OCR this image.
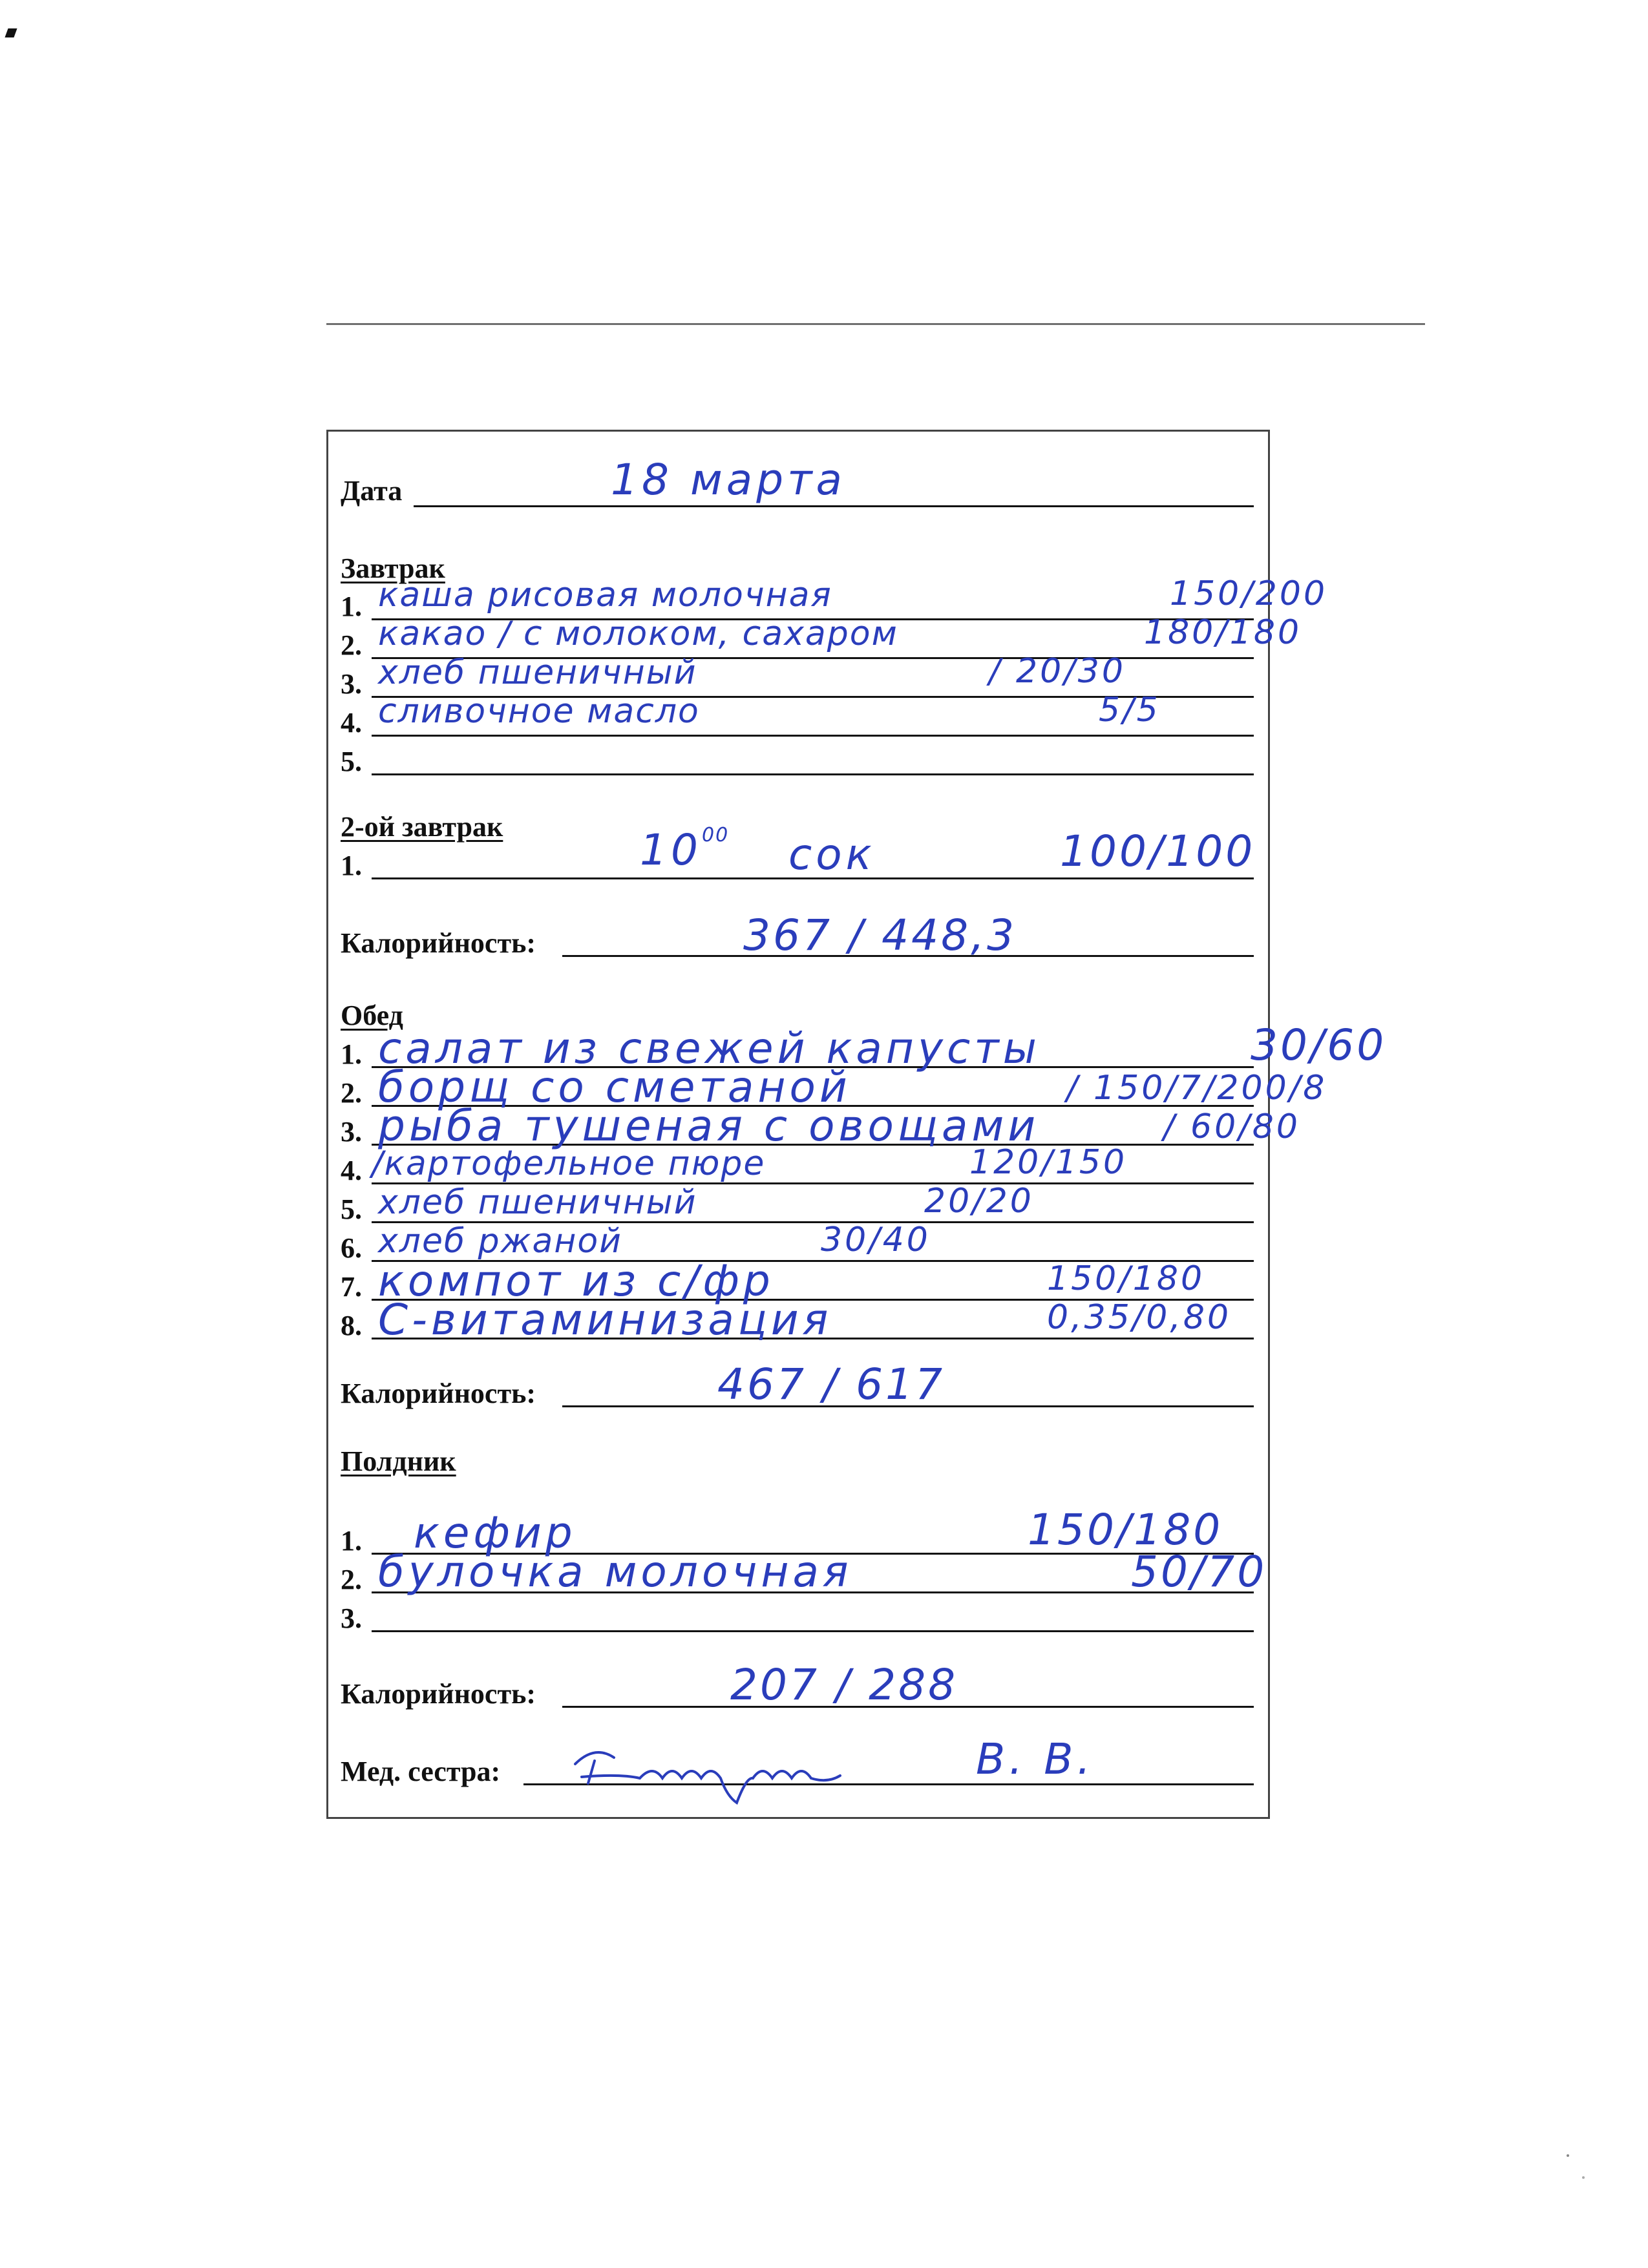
Дата	18 марта
Завтрак
1. каша рисовая молочная	150/200
2. какао / с молоком, сахаром	180/180
3. хлеб пшеничный	/ 20/30
4. сливочное масло	5/5
5.
2-ой завтрак
1.	$10^{00}$ сок	100/100
Калорийность:	367 / 448,3
Обед
1. салат из свежей капусты	30/60
2. борщ со сметаной	/ 150/7/200/8
3. рыба тушеная с овощами	/ 60/80
4. /картофельное пюре	120/150
5. хлеб пшеничный	20/20
6. хлеб ржаной	30/40
7. компот из с/фр	150/180
8. С-витаминизация	0,35/0,80
Калорийность:	467 / 617
Полдник
1. кефир	150/180
2. булочка молочная	50/70
3.
Калорийность:	207 / 288
Мед. сестра:	В. В.
